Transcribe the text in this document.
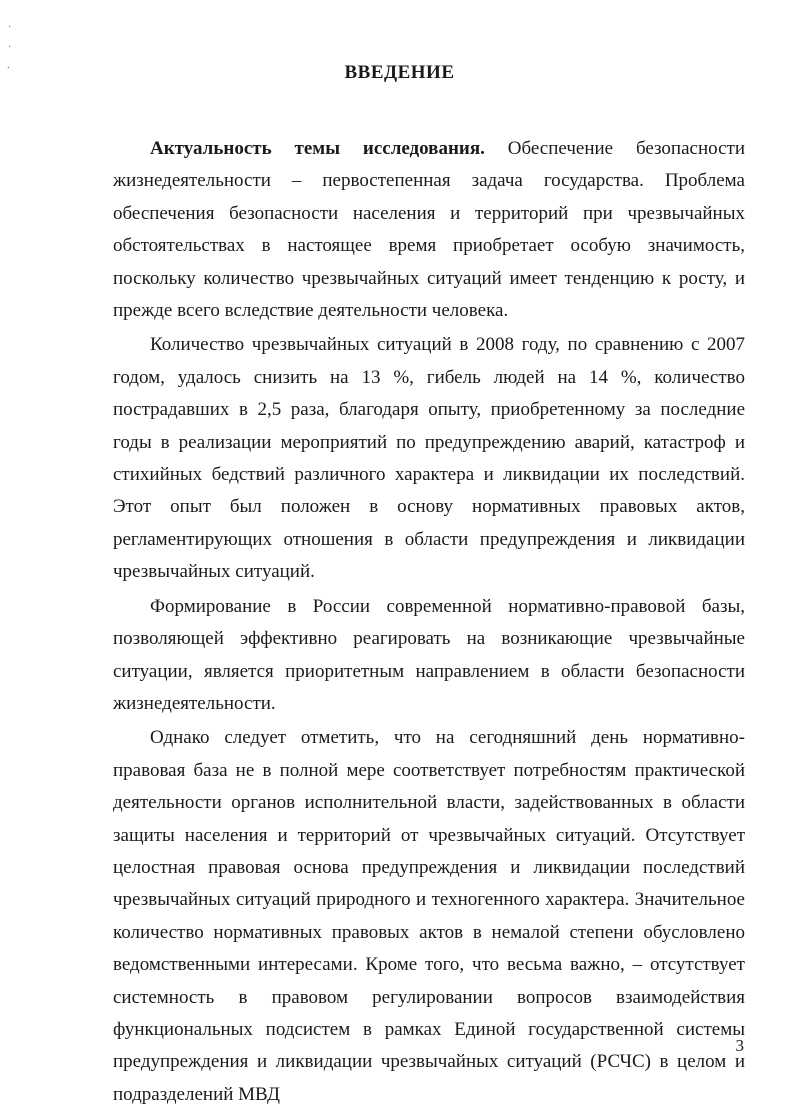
·
·
⸱	ВВЕДЕНИЕ

Актуальность темы исследования. Обеспечение безопасности жизнедеятельности – первостепенная задача государства. Проблема обеспечения безопасности населения и территорий при чрезвычайных обстоятельствах в настоящее время приобретает особую значимость, поскольку количество чрезвычайных ситуаций имеет тенденцию к росту, и прежде всего вследствие деятельности человека.

Количество чрезвычайных ситуаций в 2008 году, по сравнению с 2007 годом, удалось снизить на 13 %, гибель людей на 14 %, количество пострадавших в 2,5 раза, благодаря опыту, приобретенному за последние годы в реализации мероприятий по предупреждению аварий, катастроф и стихийных бедствий различного характера и ликвидации их последствий. Этот опыт был положен в основу нормативных правовых актов, регламентирующих отношения в области предупреждения и ликвидации чрезвычайных ситуаций.

Формирование в России современной нормативно-правовой базы, позволяющей эффективно реагировать на возникающие чрезвычайные ситуации, является приоритетным направлением в области безопасности жизнедеятельности.

Однако следует отметить, что на сегодняшний день нормативно-правовая база не в полной мере соответствует потребностям практической деятельности органов исполнительной власти, задействованных в области защиты населения и территорий от чрезвычайных ситуаций. Отсутствует целостная правовая основа предупреждения и ликвидации последствий чрезвычайных ситуаций природного и техногенного характера. Значительное количество нормативных правовых актов в немалой степени обусловлено ведомственными интересами. Кроме того, что весьма важно, – отсутствует системность в правовом регулировании вопросов взаимодействия функциональных подсистем в рамках Единой государственной системы предупреждения и ликвидации чрезвычайных ситуаций (РСЧС) в целом и подразделений МВД

3
